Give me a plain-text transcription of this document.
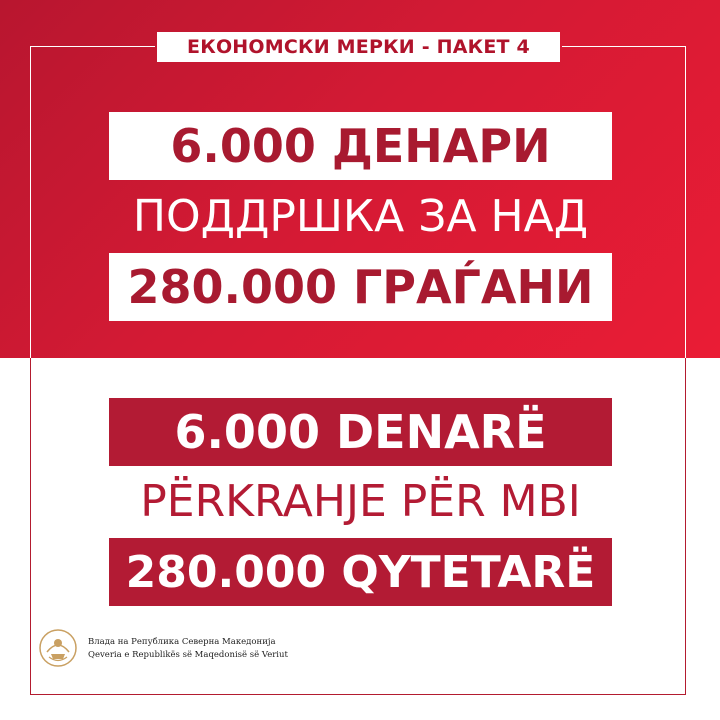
ЕКОНОМСКИ МЕРКИ - ПАКЕТ 4
6.000 ДЕНАРИ
ПОДДРШКА ЗА НАД
280.000 ГРАЃАНИ
6.000 DENARË
PËRKRAHJE PËR MBI
280.000 QYTETARË
Влада на Република Северна Македонија
Qeveria e Republikës së Maqedonisë së Veriut
